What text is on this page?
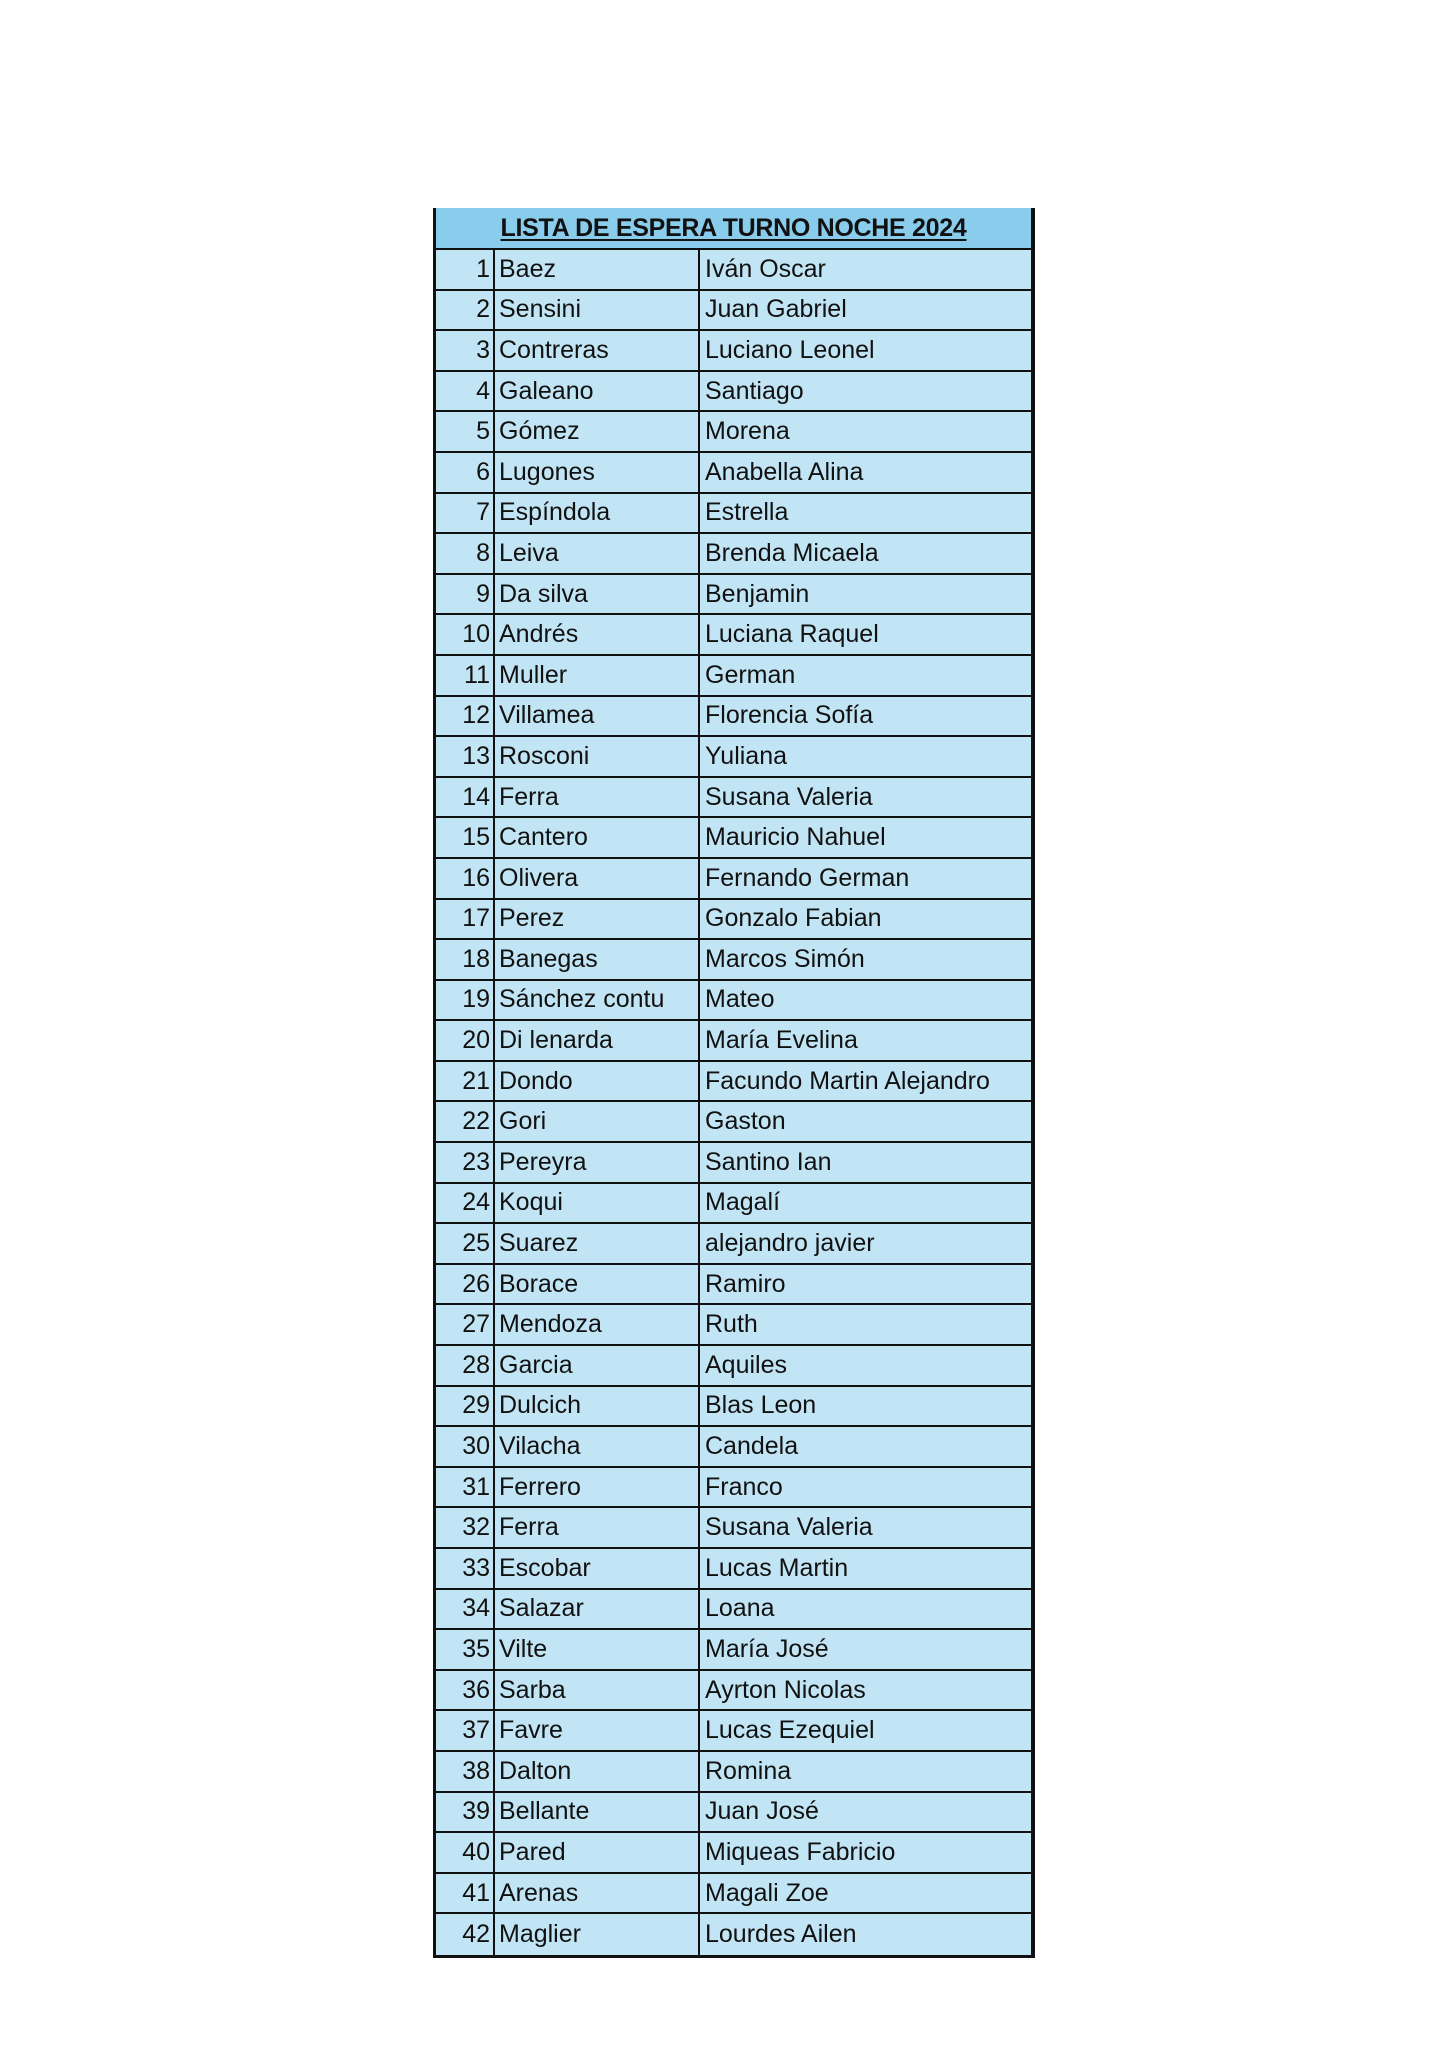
LISTA DE ESPERA TURNO NOCHE 2024
1 Baez	Iván Oscar
2 Sensini	Juan Gabriel
3 Contreras	Luciano Leonel
4 Galeano	Santiago
5 Gómez	Morena
6 Lugones	Anabella Alina
7 Espíndola	Estrella
8 Leiva	Brenda Micaela
9 Da silva	Benjamin
10 Andrés	Luciana Raquel
11 Muller	German
12 Villamea	Florencia Sofía
13 Rosconi	Yuliana
14 Ferra	Susana Valeria
15 Cantero	Mauricio Nahuel
16 Olivera	Fernando German
17 Perez	Gonzalo Fabian
18 Banegas	Marcos Simón
19 Sánchez contu	Mateo
20 Di lenarda	María Evelina
21 Dondo	Facundo Martin Alejandro
22 Gori	Gaston
23 Pereyra	Santino Ian
24 Koqui	Magalí
25 Suarez	alejandro javier
26 Borace	Ramiro
27 Mendoza	Ruth
28 Garcia	Aquiles
29 Dulcich	Blas Leon
30 Vilacha	Candela
31 Ferrero	Franco
32 Ferra	Susana Valeria
33 Escobar	Lucas Martin
34 Salazar	Loana
35 Vilte	María José
36 Sarba	Ayrton Nicolas
37 Favre	Lucas Ezequiel
38 Dalton	Romina
39 Bellante	Juan José
40 Pared	Miqueas Fabricio
41 Arenas	Magali Zoe
42 Maglier	Lourdes Ailen
